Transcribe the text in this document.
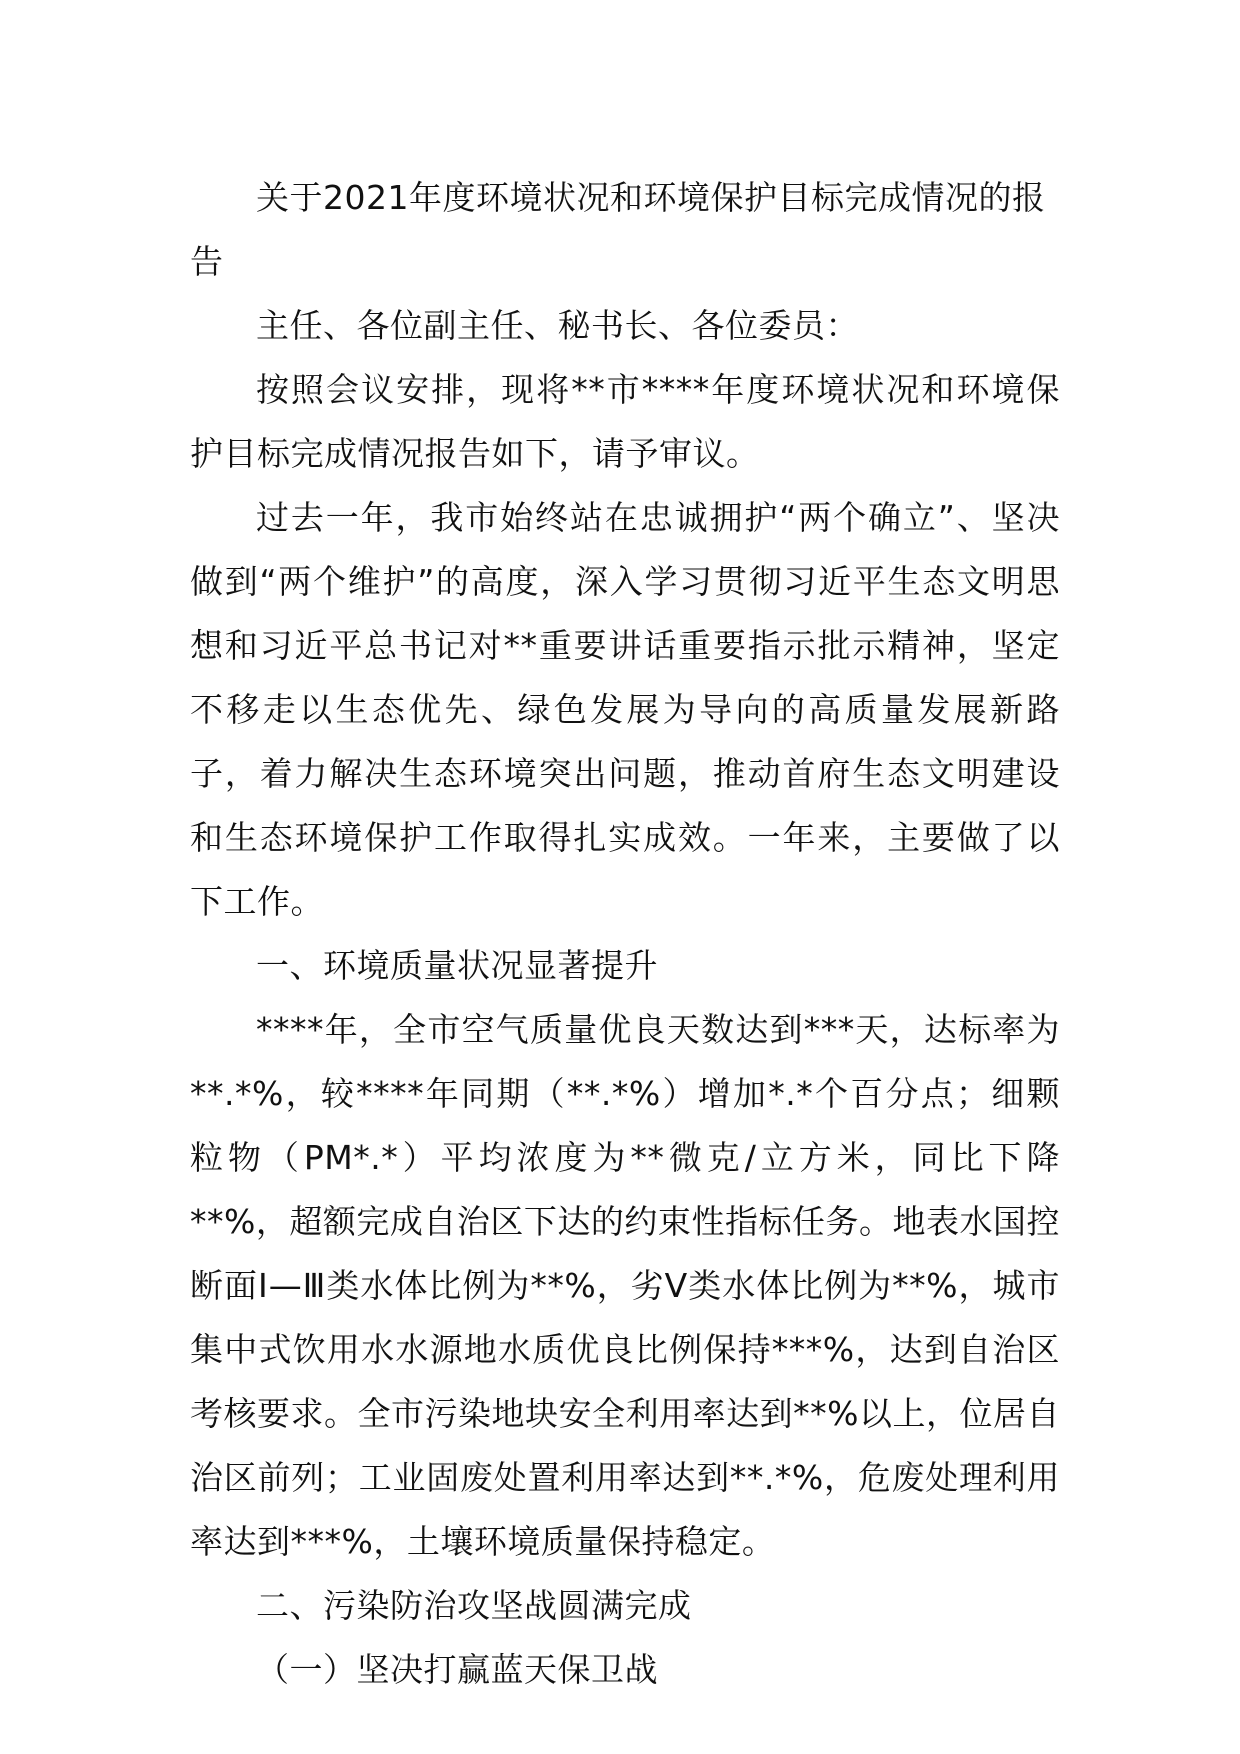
关于2021年度环境状况和环境保护目标完成情况的报告

主任、各位副主任、秘书长、各位委员：

按照会议安排，现将**市****年度环境状况和环境保护目标完成情况报告如下，请予审议。

过去一年，我市始终站在忠诚拥护“两个确立”、坚决做到“两个维护”的高度，深入学习贯彻习近平生态文明思想和习近平总书记对**重要讲话重要指示批示精神，坚定不移走以生态优先、绿色发展为导向的高质量发展新路子，着力解决生态环境突出问题，推动首府生态文明建设和生态环境保护工作取得扎实成效。一年来，主要做了以下工作。

一、环境质量状况显著提升

****年，全市空气质量优良天数达到***天，达标率为**.*%，较****年同期（**.*%）增加*.*个百分点；细颗粒物（PM*.*）平均浓度为**微克/立方米，同比下降**%，超额完成自治区下达的约束性指标任务。地表水国控断面Ⅰ—Ⅲ类水体比例为**%，劣Ⅴ类水体比例为**%，城市集中式饮用水水源地水质优良比例保持***%，达到自治区考核要求。全市污染地块安全利用率达到**%以上，位居自治区前列；工业固废处置利用率达到**.*%，危废处理利用率达到***%，土壤环境质量保持稳定。

二、污染防治攻坚战圆满完成

（一）坚决打赢蓝天保卫战
